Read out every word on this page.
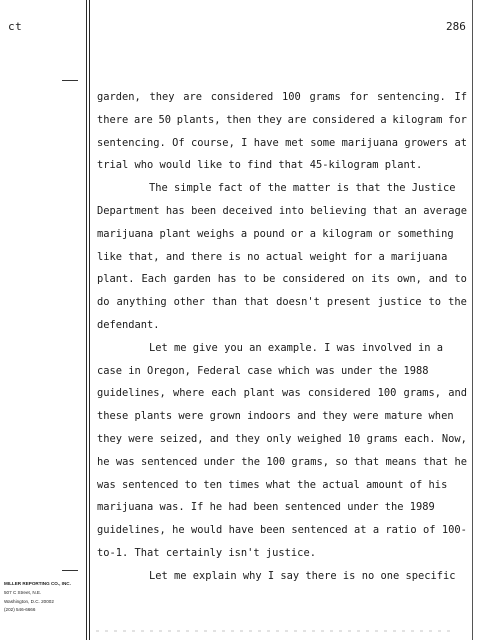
ct	286
garden, they are considered 100 grams for sentencing. If
there are 50 plants, then they are considered a kilogram for
sentencing. Of course, I have met some marijuana growers at
trial who would like to find that 45-kilogram plant.
The simple fact of the matter is that the Justice
Department has been deceived into believing that an average
marijuana plant weighs a pound or a kilogram or something
like that, and there is no actual weight for a marijuana
plant. Each garden has to be considered on its own, and to
do anything other than that doesn't present justice to the
defendant.
Let me give you an example. I was involved in a
case in Oregon, Federal case which was under the 1988
guidelines, where each plant was considered 100 grams, and
these plants were grown indoors and they were mature when
they were seized, and they only weighed 10 grams each. Now,
he was sentenced under the 100 grams, so that means that he
was sentenced to ten times what the actual amount of his
marijuana was. If he had been sentenced under the 1989
guidelines, he would have been sentenced at a ratio of 100-
to-1. That certainly isn't justice.
Let me explain why I say there is no one specific
MILLER REPORTING CO., INC.
507 C Street, N.E.
Washington, D.C. 20002
(202) 546-6666
